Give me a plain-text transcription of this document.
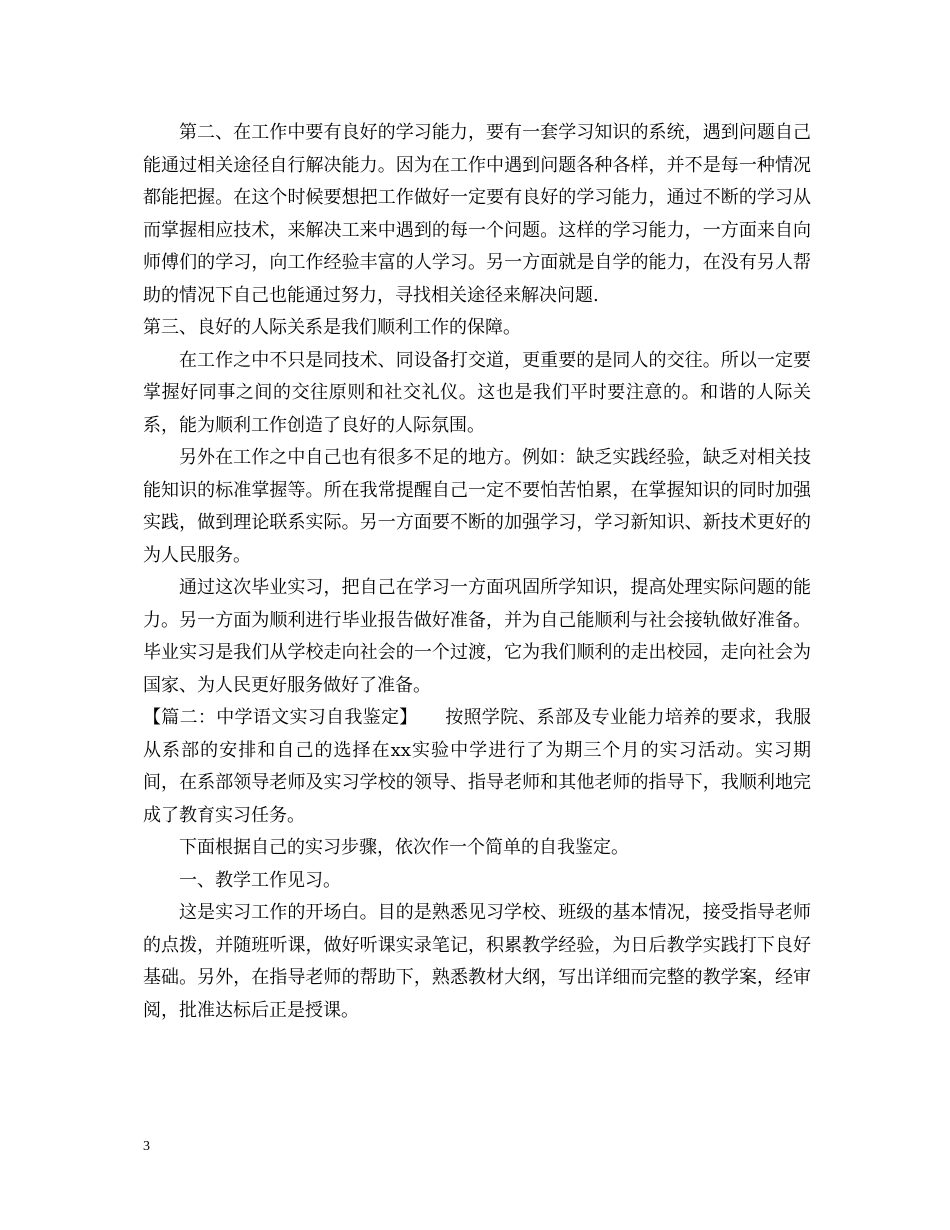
第二、在工作中要有良好的学习能力，要有一套学习知识的系统，遇到问题自己能通过相关途径自行解决能力。因为在工作中遇到问题各种各样，并不是每一种情况都能把握。在这个时候要想把工作做好一定要有良好的学习能力，通过不断的学习从而掌握相应技术，来解决工来中遇到的每一个问题。这样的学习能力，一方面来自向师傅们的学习，向工作经验丰富的人学习。另一方面就是自学的能力，在没有另人帮助的情况下自己也能通过努力，寻找相关途径来解决问题.

第三、良好的人际关系是我们顺利工作的保障。

在工作之中不只是同技术、同设备打交道，更重要的是同人的交往。所以一定要掌握好同事之间的交往原则和社交礼仪。这也是我们平时要注意的。和谐的人际关系，能为顺利工作创造了良好的人际氛围。

另外在工作之中自己也有很多不足的地方。例如：缺乏实践经验，缺乏对相关技能知识的标准掌握等。所在我常提醒自己一定不要怕苦怕累，在掌握知识的同时加强实践，做到理论联系实际。另一方面要不断的加强学习，学习新知识、新技术更好的为人民服务。

通过这次毕业实习，把自己在学习一方面巩固所学知识，提高处理实际问题的能力。另一方面为顺利进行毕业报告做好准备，并为自己能顺利与社会接轨做好准备。毕业实习是我们从学校走向社会的一个过渡，它为我们顺利的走出校园，走向社会为国家、为人民更好服务做好了准备。

【篇二：中学语文实习自我鉴定】　　按照学院、系部及专业能力培养的要求，我服从系部的安排和自己的选择在xx实验中学进行了为期三个月的实习活动。实习期间，在系部领导老师及实习学校的领导、指导老师和其他老师的指导下，我顺利地完成了教育实习任务。

下面根据自己的实习步骤，依次作一个简单的自我鉴定。

一、教学工作见习。

这是实习工作的开场白。目的是熟悉见习学校、班级的基本情况，接受指导老师的点拨，并随班听课，做好听课实录笔记，积累教学经验，为日后教学实践打下良好基础。另外，在指导老师的帮助下，熟悉教材大纲，写出详细而完整的教学案，经审阅，批准达标后正是授课。

3
